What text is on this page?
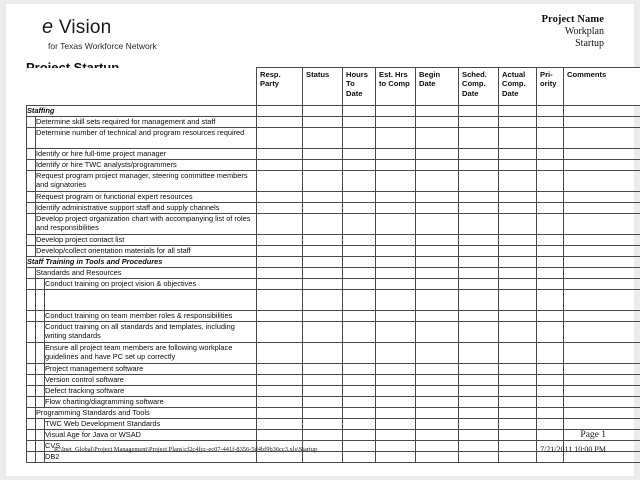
e Vision
for Texas Workforce Network
Project Name
Workplan
Startup
			Resp. Party	Status	Hours To Date	Est. Hrs to Comp	Begin Date	Sched. Comp. Date	Actual Comp. Date	Pri- ority	Comments
Staffing											
	Determine skill sets required for management and staff										
	Determine number of technical and program resources required										
	Identify or hire full-time project manager										
	Identify or hire TWC analysts/programmers										
	Request program project manager, steering committee members and signatories										
	Request program or functional expert resources										
	Identify administrative support staff and supply channels										
	Develop project organization chart with accompanying list of roles and responsibilities										
	Develop project contact list										
	Develop/collect orientation materials for all staff										
Staff Training in Tools and Procedures											
	Standards and Resources										
		Conduct training on project vision & objectives									

		Conduct training on team member roles & responsibilities									
		Conduct training on all standards and templates, including writing standards									
		Ensure all project team members are following workplace guidelines and have PC set up correctly									
		Project management software									
		Version control software									
		Defect tracking software									
		Flow charting/diagramming software									
	Programming Standards and Tools										
		TWC Web Development Standards									
		Visual Age for Java or WSAD									
		CVS									
		DB2									
R:\Inet_Global\Project Management\Project Plans\cf2c4fcc-ec07-441f-8356-5d4bf9b36cc3.xls\Startup
Page 1
7/21/2011 10:00 PM
